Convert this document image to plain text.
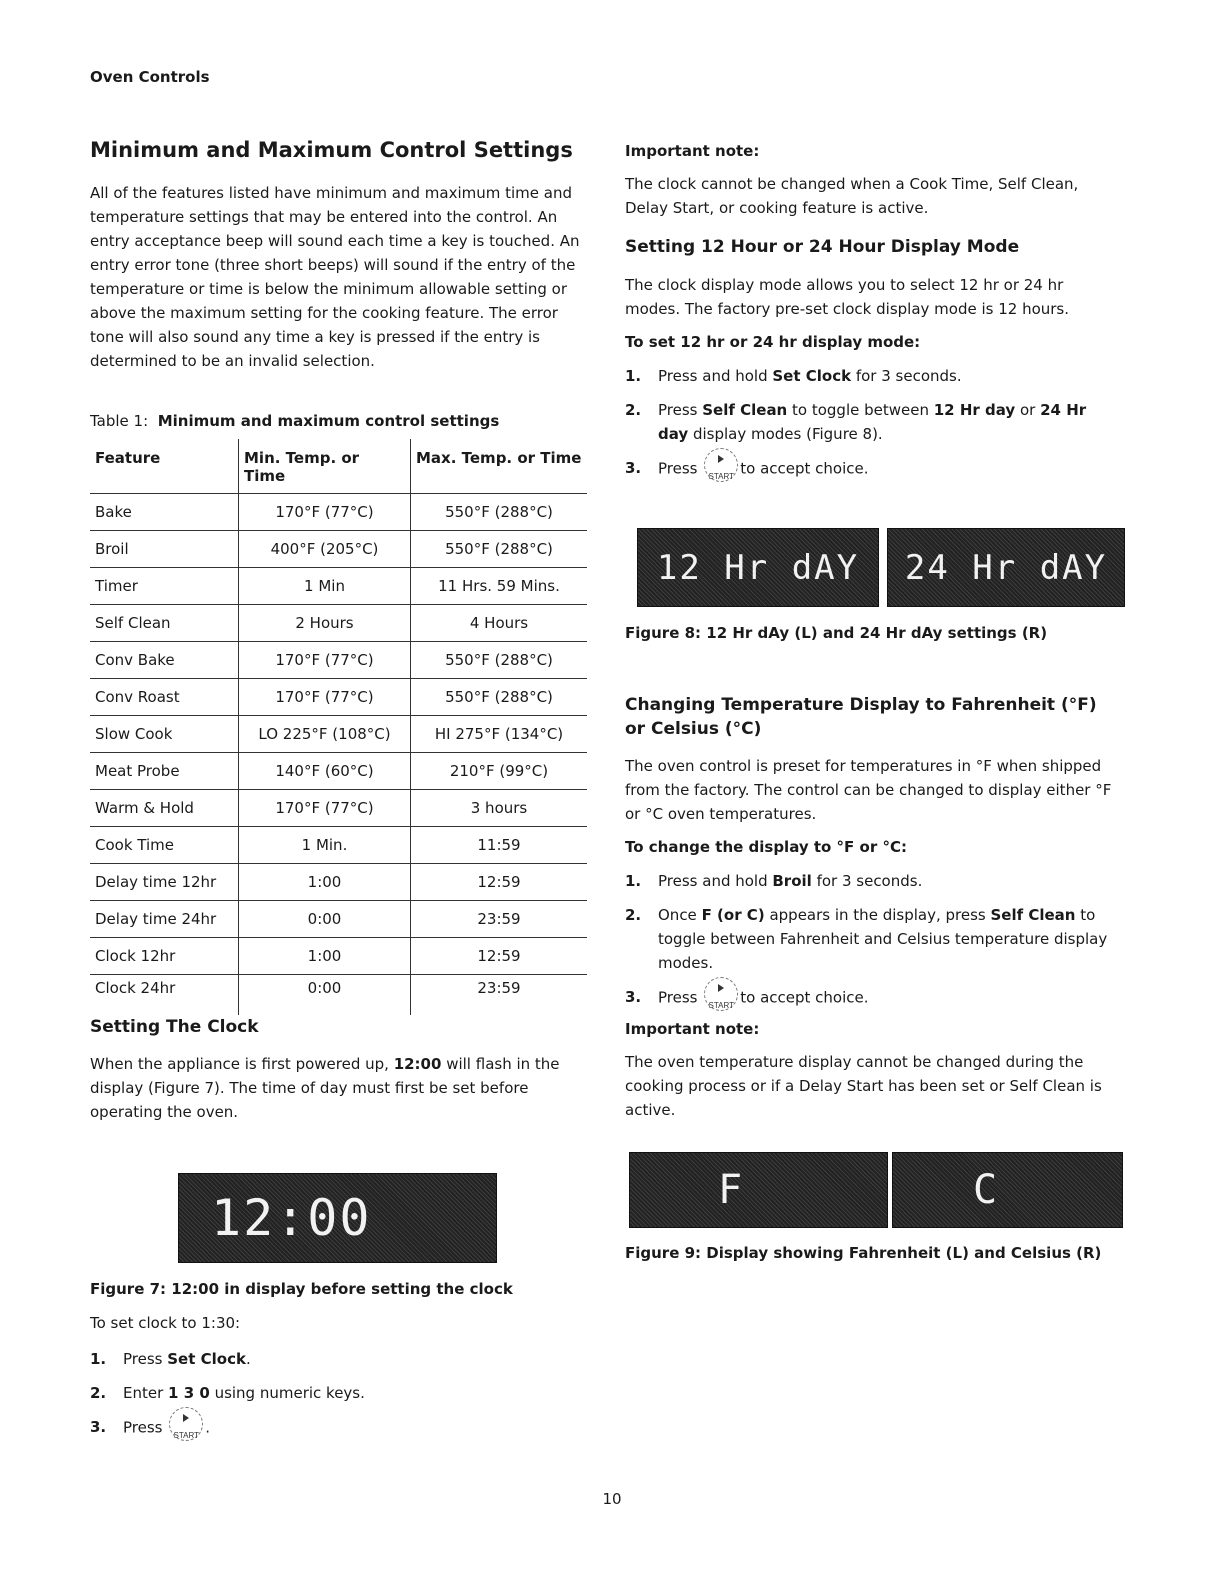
Oven Controls
Minimum and Maximum Control Settings

All of the features listed have minimum and maximum time and temperature settings that may be entered into the control. An entry acceptance beep will sound each time a key is touched. An entry error tone (three short beeps) will sound if the entry of the temperature or time is below the minimum allowable setting or above the maximum setting for the cooking feature. The error tone will also sound any time a key is pressed if the entry is determined to be an invalid selection.

Table 1: Minimum and maximum control settings
Feature	Min. Temp. or Time	Max. Temp. or Time
Bake	170°F (77°C)	550°F (288°C)
Broil	400°F (205°C)	550°F (288°C)
Timer	1 Min	11 Hrs. 59 Mins.
Self Clean	2 Hours	4 Hours
Conv Bake	170°F (77°C)	550°F (288°C)
Conv Roast	170°F (77°C)	550°F (288°C)
Slow Cook	LO 225°F (108°C)	HI 275°F (134°C)
Meat Probe	140°F (60°C)	210°F (99°C)
Warm & Hold	170°F (77°C)	3 hours
Cook Time	1 Min.	11:59
Delay time 12hr	1:00	12:59
Delay time 24hr	0:00	23:59
Clock 12hr	1:00	12:59
Clock 24hr	0:00	23:59
Setting The Clock

When the appliance is first powered up, 12:00 will flash in the display (Figure 7). The time of day must first be set before operating the oven.

12:00
Figure 7: 12:00 in display before setting the clock
To set clock to 1:30:
1. Press Set Clock.
2. Enter 1 3 0 using numeric keys.
3. Press	START .
Important note:

The clock cannot be changed when a Cook Time, Self Clean, Delay Start, or cooking feature is active.

Setting 12 Hour or 24 Hour Display Mode

The clock display mode allows you to select 12 hr or 24 hr modes. The factory pre-set clock display mode is 12 hours.

To set 12 hr or 24 hr display mode:
1. Press and hold Set Clock for 3 seconds.
2. Press Self Clean to toggle between 12 Hr day or 24 Hr day display modes (Figure 8).
3. Press	START to accept choice.
12 Hr dAY 24 Hr dAY
Figure 8: 12 Hr dAy (L) and 24 Hr dAy settings (R)
Changing Temperature Display to Fahrenheit (°F) or Celsius (°C)

The oven control is preset for temperatures in °F when shipped from the factory. The control can be changed to display either °F or °C oven temperatures.

To change the display to °F or °C:
1. Press and hold Broil for 3 seconds.
2. Once F (or C) appears in the display, press Self Clean to toggle between Fahrenheit and Celsius temperature display modes.
3. Press	START to accept choice.
Important note:

The oven temperature display cannot be changed during the cooking process or if a Delay Start has been set or Self Clean is active.

F	C
Figure 9: Display showing Fahrenheit (L) and Celsius (R)
10
